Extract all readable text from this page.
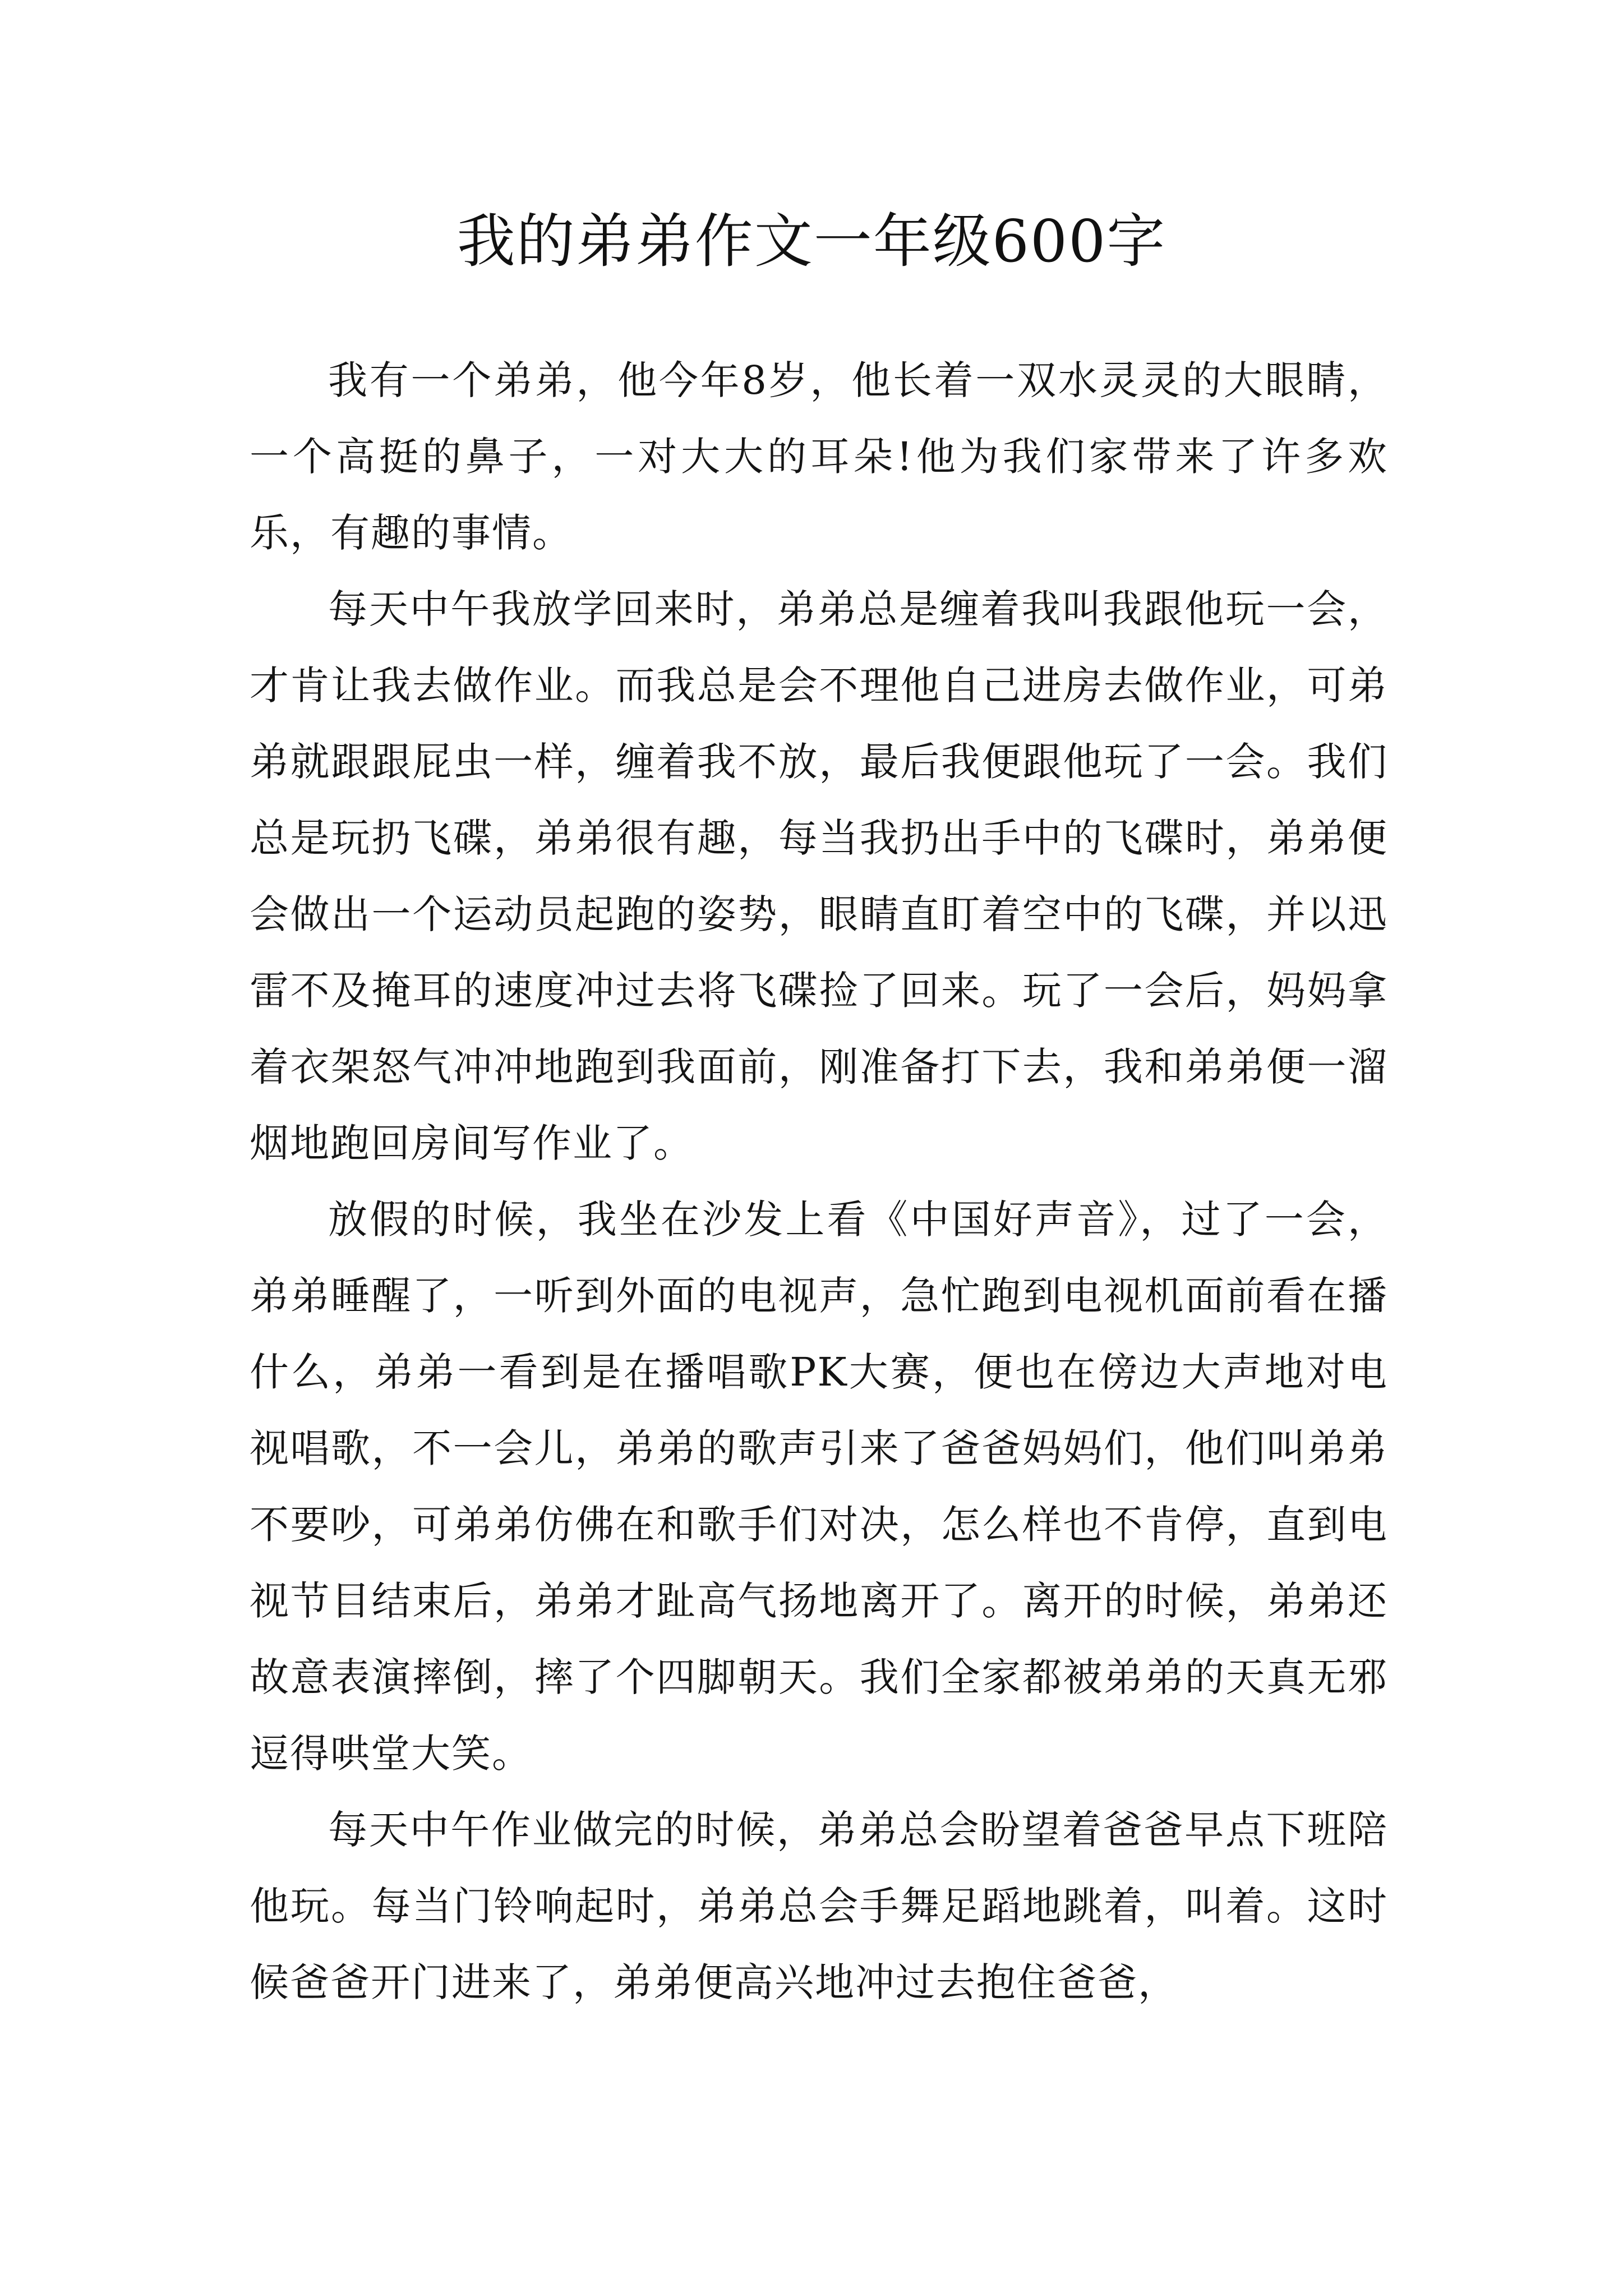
我的弟弟作文一年级600字

我有一个弟弟，他今年8岁，他长着一双水灵灵的大眼睛，一个高挺的鼻子，一对大大的耳朵!他为我们家带来了许多欢乐，有趣的事情。

每天中午我放学回来时，弟弟总是缠着我叫我跟他玩一会，才肯让我去做作业。而我总是会不理他自己进房去做作业，可弟弟就跟跟屁虫一样，缠着我不放，最后我便跟他玩了一会。我们总是玩扔飞碟，弟弟很有趣，每当我扔出手中的飞碟时，弟弟便会做出一个运动员起跑的姿势，眼睛直盯着空中的飞碟，并以迅雷不及掩耳的速度冲过去将飞碟捡了回来。玩了一会后，妈妈拿着衣架怒气冲冲地跑到我面前，刚准备打下去，我和弟弟便一溜烟地跑回房间写作业了。

放假的时候，我坐在沙发上看《中国好声音》，过了一会，弟弟睡醒了，一听到外面的电视声，急忙跑到电视机面前看在播什么，弟弟一看到是在播唱歌PK大赛，便也在傍边大声地对电视唱歌，不一会儿，弟弟的歌声引来了爸爸妈妈们，他们叫弟弟不要吵，可弟弟仿佛在和歌手们对决，怎么样也不肯停，直到电视节目结束后，弟弟才趾高气扬地离开了。离开的时候，弟弟还故意表演摔倒，摔了个四脚朝天。我们全家都被弟弟的天真无邪逗得哄堂大笑。

每天中午作业做完的时候，弟弟总会盼望着爸爸早点下班陪他玩。每当门铃响起时，弟弟总会手舞足蹈地跳着，叫着。这时候爸爸开门进来了，弟弟便高兴地冲过去抱住爸爸，
